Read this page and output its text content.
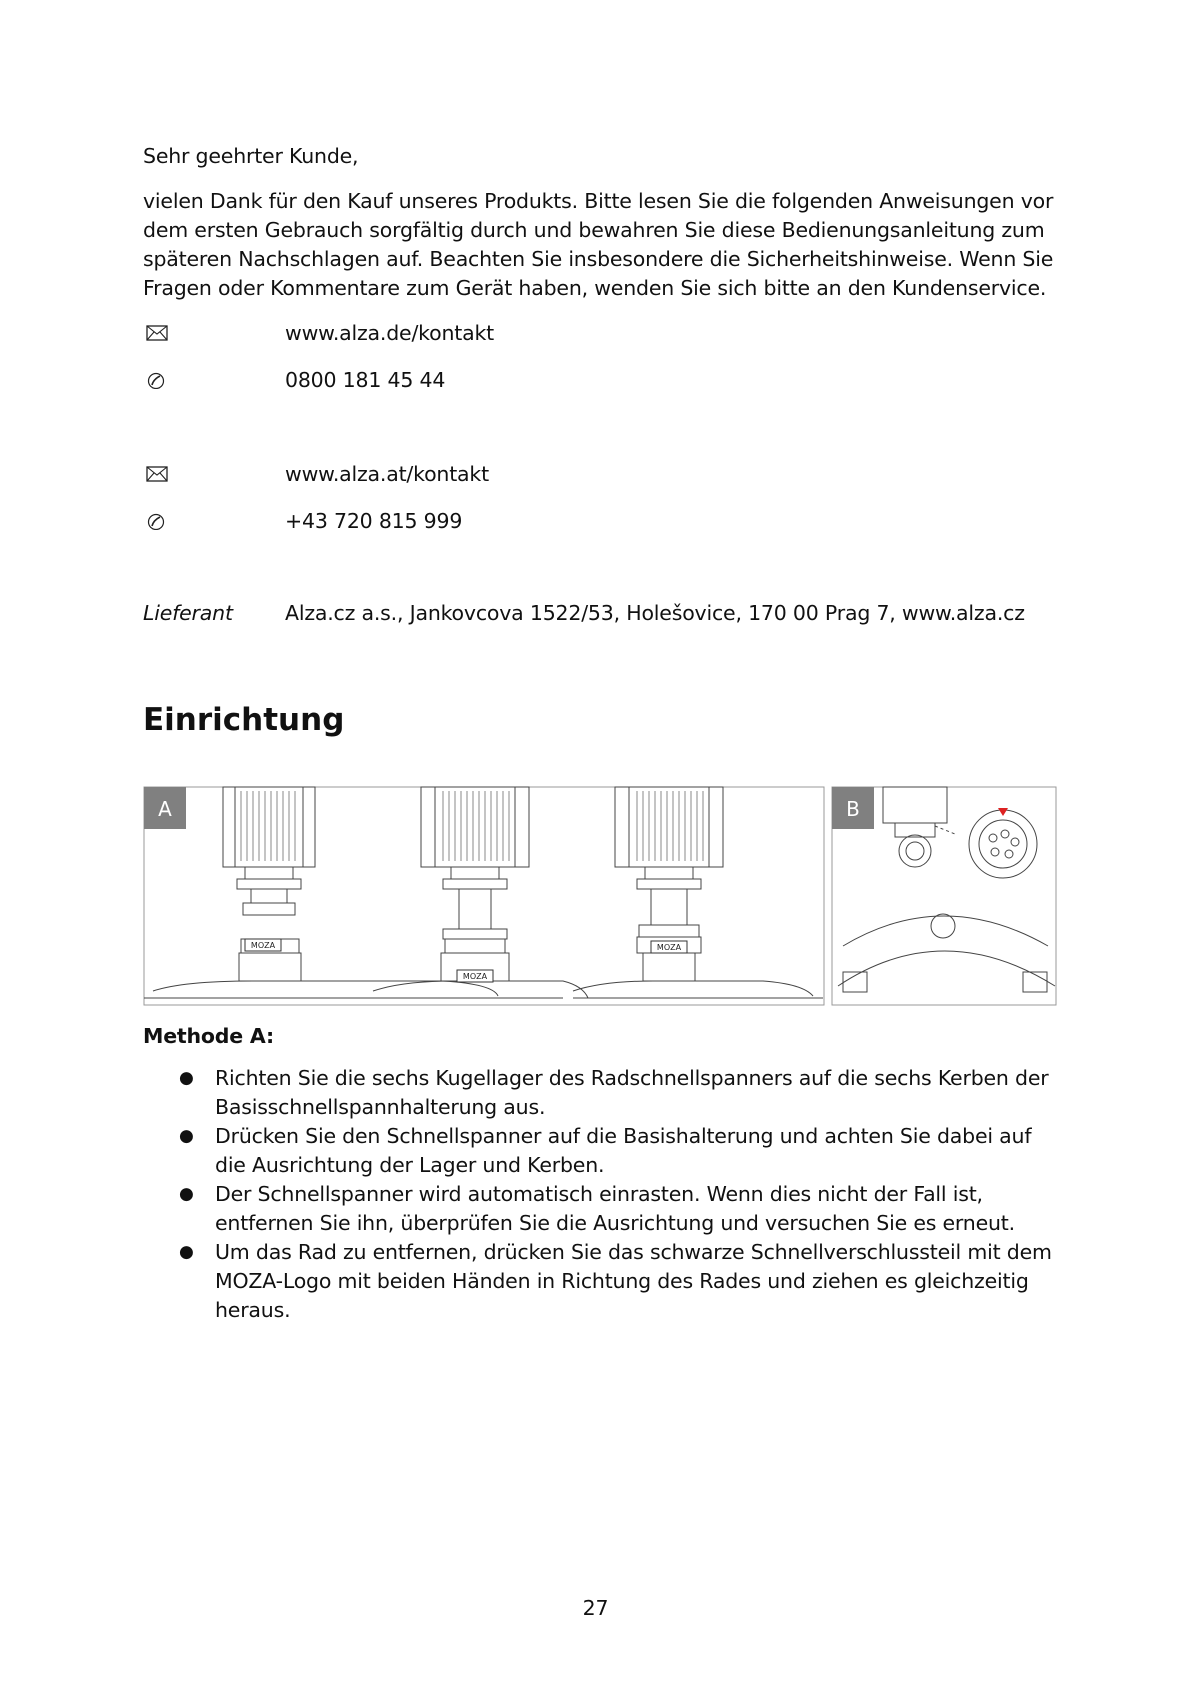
Sehr geehrter Kunde,
vielen Dank für den Kauf unseres Produkts. Bitte lesen Sie die folgenden Anweisungen vor dem ersten Gebrauch sorgfältig durch und bewahren Sie diese Bedienungsanleitung zum späteren Nachschlagen auf. Beachten Sie insbesondere die Sicherheitshinweise. Wenn Sie Fragen oder Kommentare zum Gerät haben, wenden Sie sich bitte an den Kundenservice.
www.alza.de/kontakt
0800 181 45 44
www.alza.at/kontakt
+43 720 815 999
Lieferant	Alza.cz a.s., Jankovcova 1522/53, Holešovice, 170 00 Prag 7, www.alza.cz
Einrichtung
A	B
MOZA
MOZA
MOZA
Methode A:
● Richten Sie die sechs Kugellager des Radschnellspanners auf die sechs Kerben der Basisschnellspannhalterung aus.
● Drücken Sie den Schnellspanner auf die Basishalterung und achten Sie dabei auf die Ausrichtung der Lager und Kerben.
● Der Schnellspanner wird automatisch einrasten. Wenn dies nicht der Fall ist, entfernen Sie ihn, überprüfen Sie die Ausrichtung und versuchen Sie es erneut.
● Um das Rad zu entfernen, drücken Sie das schwarze Schnellverschlussteil mit dem MOZA-Logo mit beiden Händen in Richtung des Rades und ziehen es gleichzeitig heraus.
27
